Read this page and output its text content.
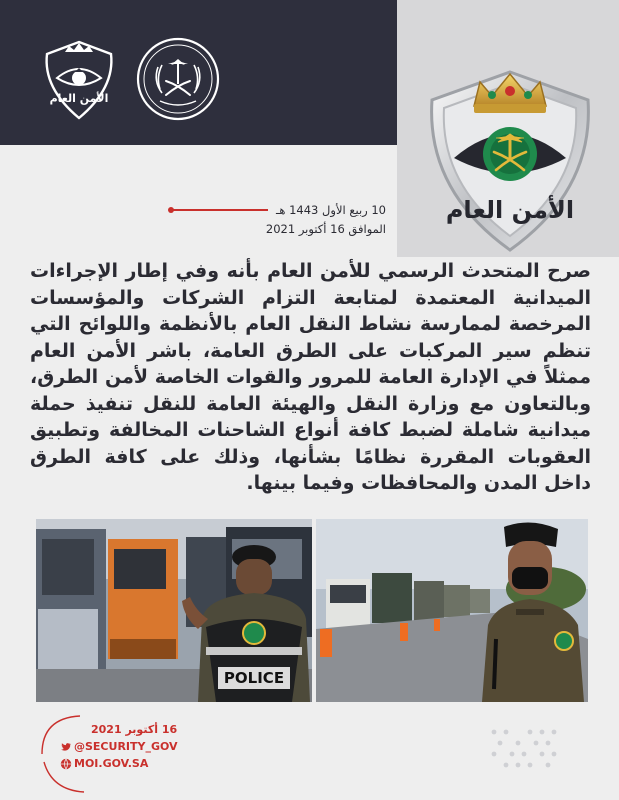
الأمن العام
الأمن العام
10 ربيع الأول 1443 هـ
الموافق 16 أكتوبر 2021

صرح المتحدث الرسمي للأمن العام بأنه وفي إطار الإجراءات الميدانية المعتمدة لمتابعة التزام الشركات والمؤسسات المرخصة لممارسة نشاط النقل العام بالأنظمة واللوائح التي تنظم سير المركبات على الطرق العامة، باشر الأمن العام ممثلاً في الإدارة العامة للمرور والقوات الخاصة لأمن الطرق، وبالتعاون مع وزارة النقل والهيئة العامة للنقل تنفيذ حملة ميدانية شاملة لضبط كافة أنواع الشاحنات المخالفة وتطبيق العقوبات المقررة نظامًا بشأنها، وذلك على كافة الطرق داخل المدن والمحافظات وفيما بينها.

POLICE
16 أكتوبر 2021
@SECURITY_GOV
MOI.GOV.SA
